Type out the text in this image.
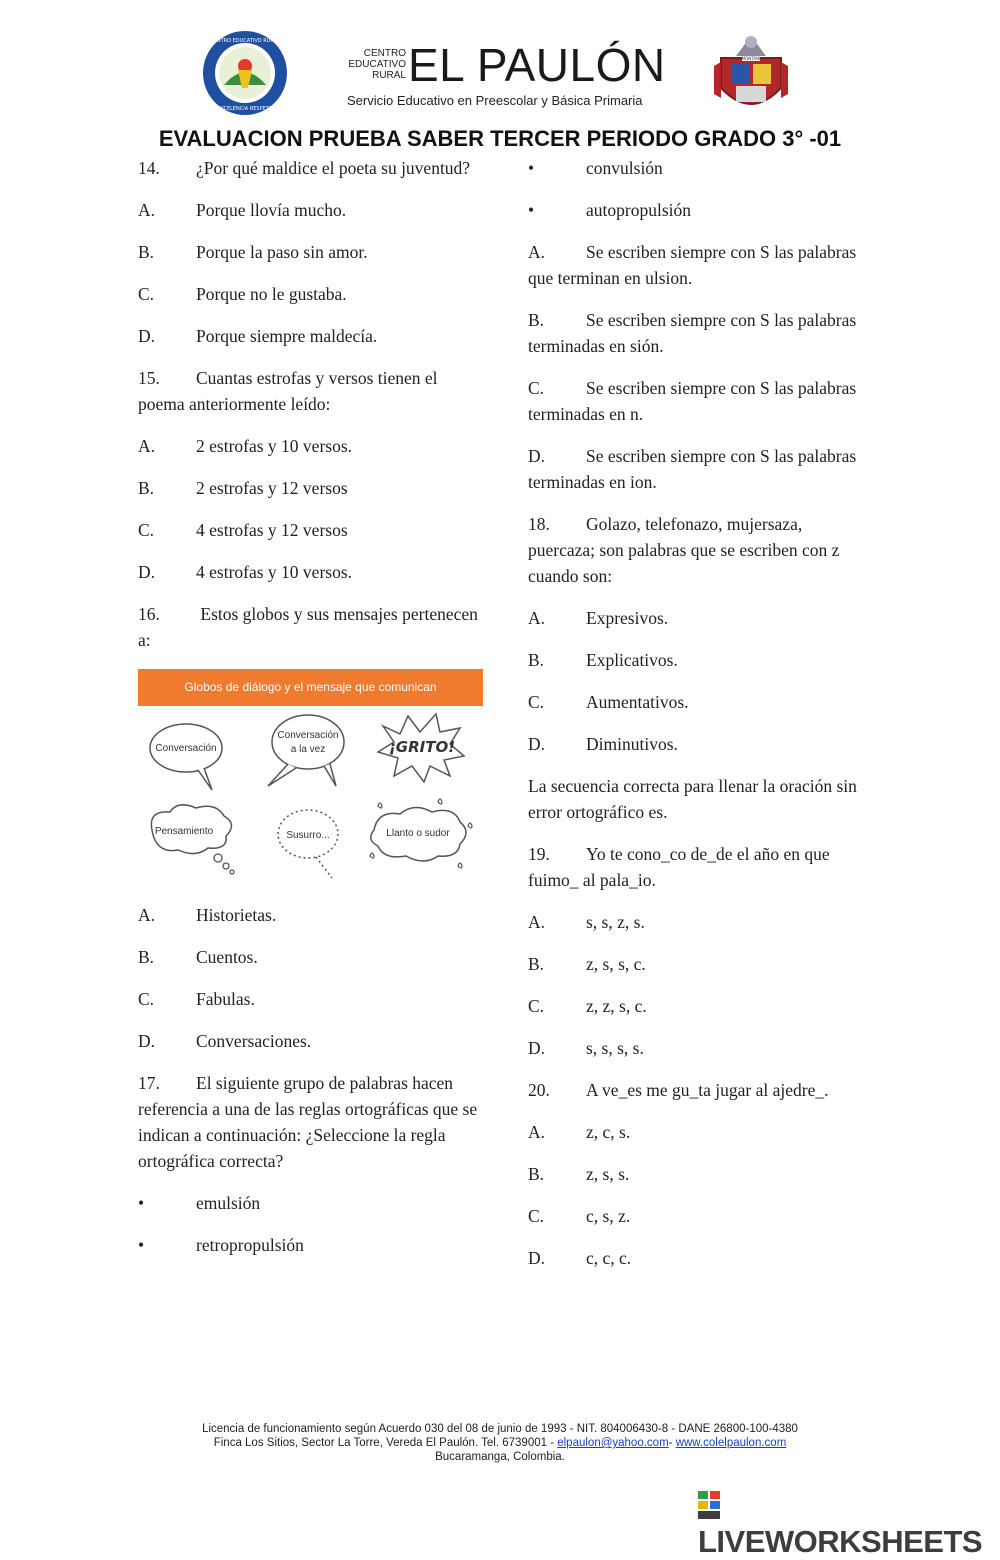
CENTRO EDUCATIVO RURAL
EXCELENCIA RESPETO
CENTRO
EDUCATIVO
RURAL EL PAULÓN
Servicio Educativo en Preescolar y Básica Primaria
MONTANI
EVALUACION PRUEBA SABER TERCER PERIODO GRADO 3° -01
14. ¿Por qué maldice el poeta su juventud?
A. Porque llovía mucho.
B. Porque la paso sin amor.
C. Porque no le gustaba.
D. Porque siempre maldecía.
15. Cuantas estrofas y versos tienen el poema anteriormente leído:
A. 2 estrofas y 10 versos.
B. 2 estrofas y 12 versos
C. 4 estrofas y 12 versos
D. 4 estrofas y 10 versos.
16. Estos globos y sus mensajes pertenecen a:
Globos de diálogo y el mensaje que comunican
Conversación
Conversación
a la vez	¡GRITO!
Pensamiento	Susurro...	Llanto o sudor
A. Historietas.
B. Cuentos.
C. Fabulas.
D. Conversaciones.
17. El siguiente grupo de palabras hacen referencia a una de las reglas ortográficas que se indican a continuación: ¿Seleccione la regla ortográfica correcta?
•	emulsión
•	retropropulsión
•	convulsión
•	autopropulsión
A. Se escriben siempre con S las palabras que terminan en ulsion.
B. Se escriben siempre con S las palabras terminadas en sión.
C. Se escriben siempre con S las palabras terminadas en n.
D. Se escriben siempre con S las palabras terminadas en ion.
18. Golazo, telefonazo, mujersaza, puercaza; son palabras que se escriben con z cuando son:
A. Expresivos.
B. Explicativos.
C. Aumentativos.
D. Diminutivos.
La secuencia correcta para llenar la oración sin error ortográfico es.
19. Yo te cono_co de_de el año en que fuimo_ al pala_io.
A. s, s, z, s.
B. z, s, s, c.
C. z, z, s, c.
D. s, s, s, s.
20. A ve_es me gu_ta jugar al ajedre_.
A. z, c, s.
B. z, s, s.
C. c, s, z.
D. c, c, c.
Licencia de funcionamiento según Acuerdo 030 del 08 de junio de 1993 - NIT. 804006430-8 - DANE 26800-100-4380
Finca Los Sitios, Sector La Torre, Vereda El Paulón. Tel. 6739001 - elpaulon@yahoo.com- www.colelpaulon.com
Bucaramanga, Colombia.
LIVEWORKSHEETS
